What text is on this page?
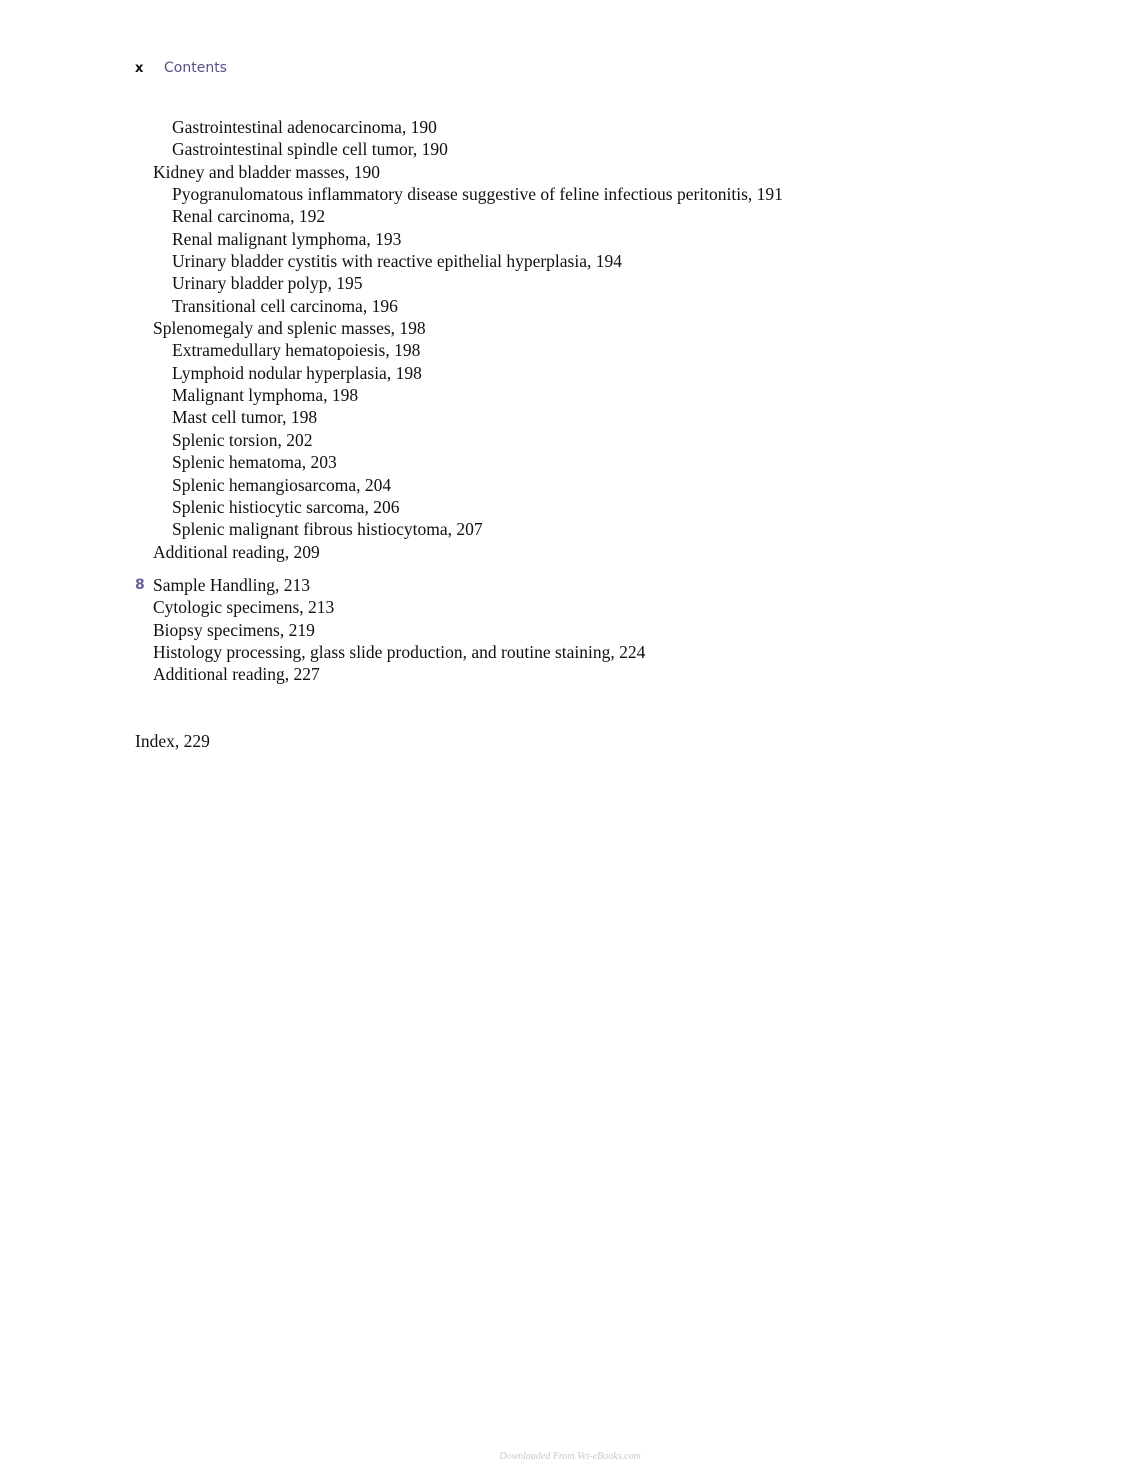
x	Contents
Gastrointestinal adenocarcinoma, 190
Gastrointestinal spindle cell tumor, 190
Kidney and bladder masses, 190
Pyogranulomatous inflammatory disease suggestive of feline infectious peritonitis, 191
Renal carcinoma, 192
Renal malignant lymphoma, 193
Urinary bladder cystitis with reactive epithelial hyperplasia, 194
Urinary bladder polyp, 195
Transitional cell carcinoma, 196
Splenomegaly and splenic masses, 198
Extramedullary hematopoiesis, 198
Lymphoid nodular hyperplasia, 198
Malignant lymphoma, 198
Mast cell tumor, 198
Splenic torsion, 202
Splenic hematoma, 203
Splenic hemangiosarcoma, 204
Splenic histiocytic sarcoma, 206
Splenic malignant fibrous histiocytoma, 207
Additional reading, 209
8 Sample Handling, 213
Cytologic specimens, 213
Biopsy specimens, 219
Histology processing, glass slide production, and routine staining, 224
Additional reading, 227
Index, 229
Downloaded From Vet-eBooks.com
